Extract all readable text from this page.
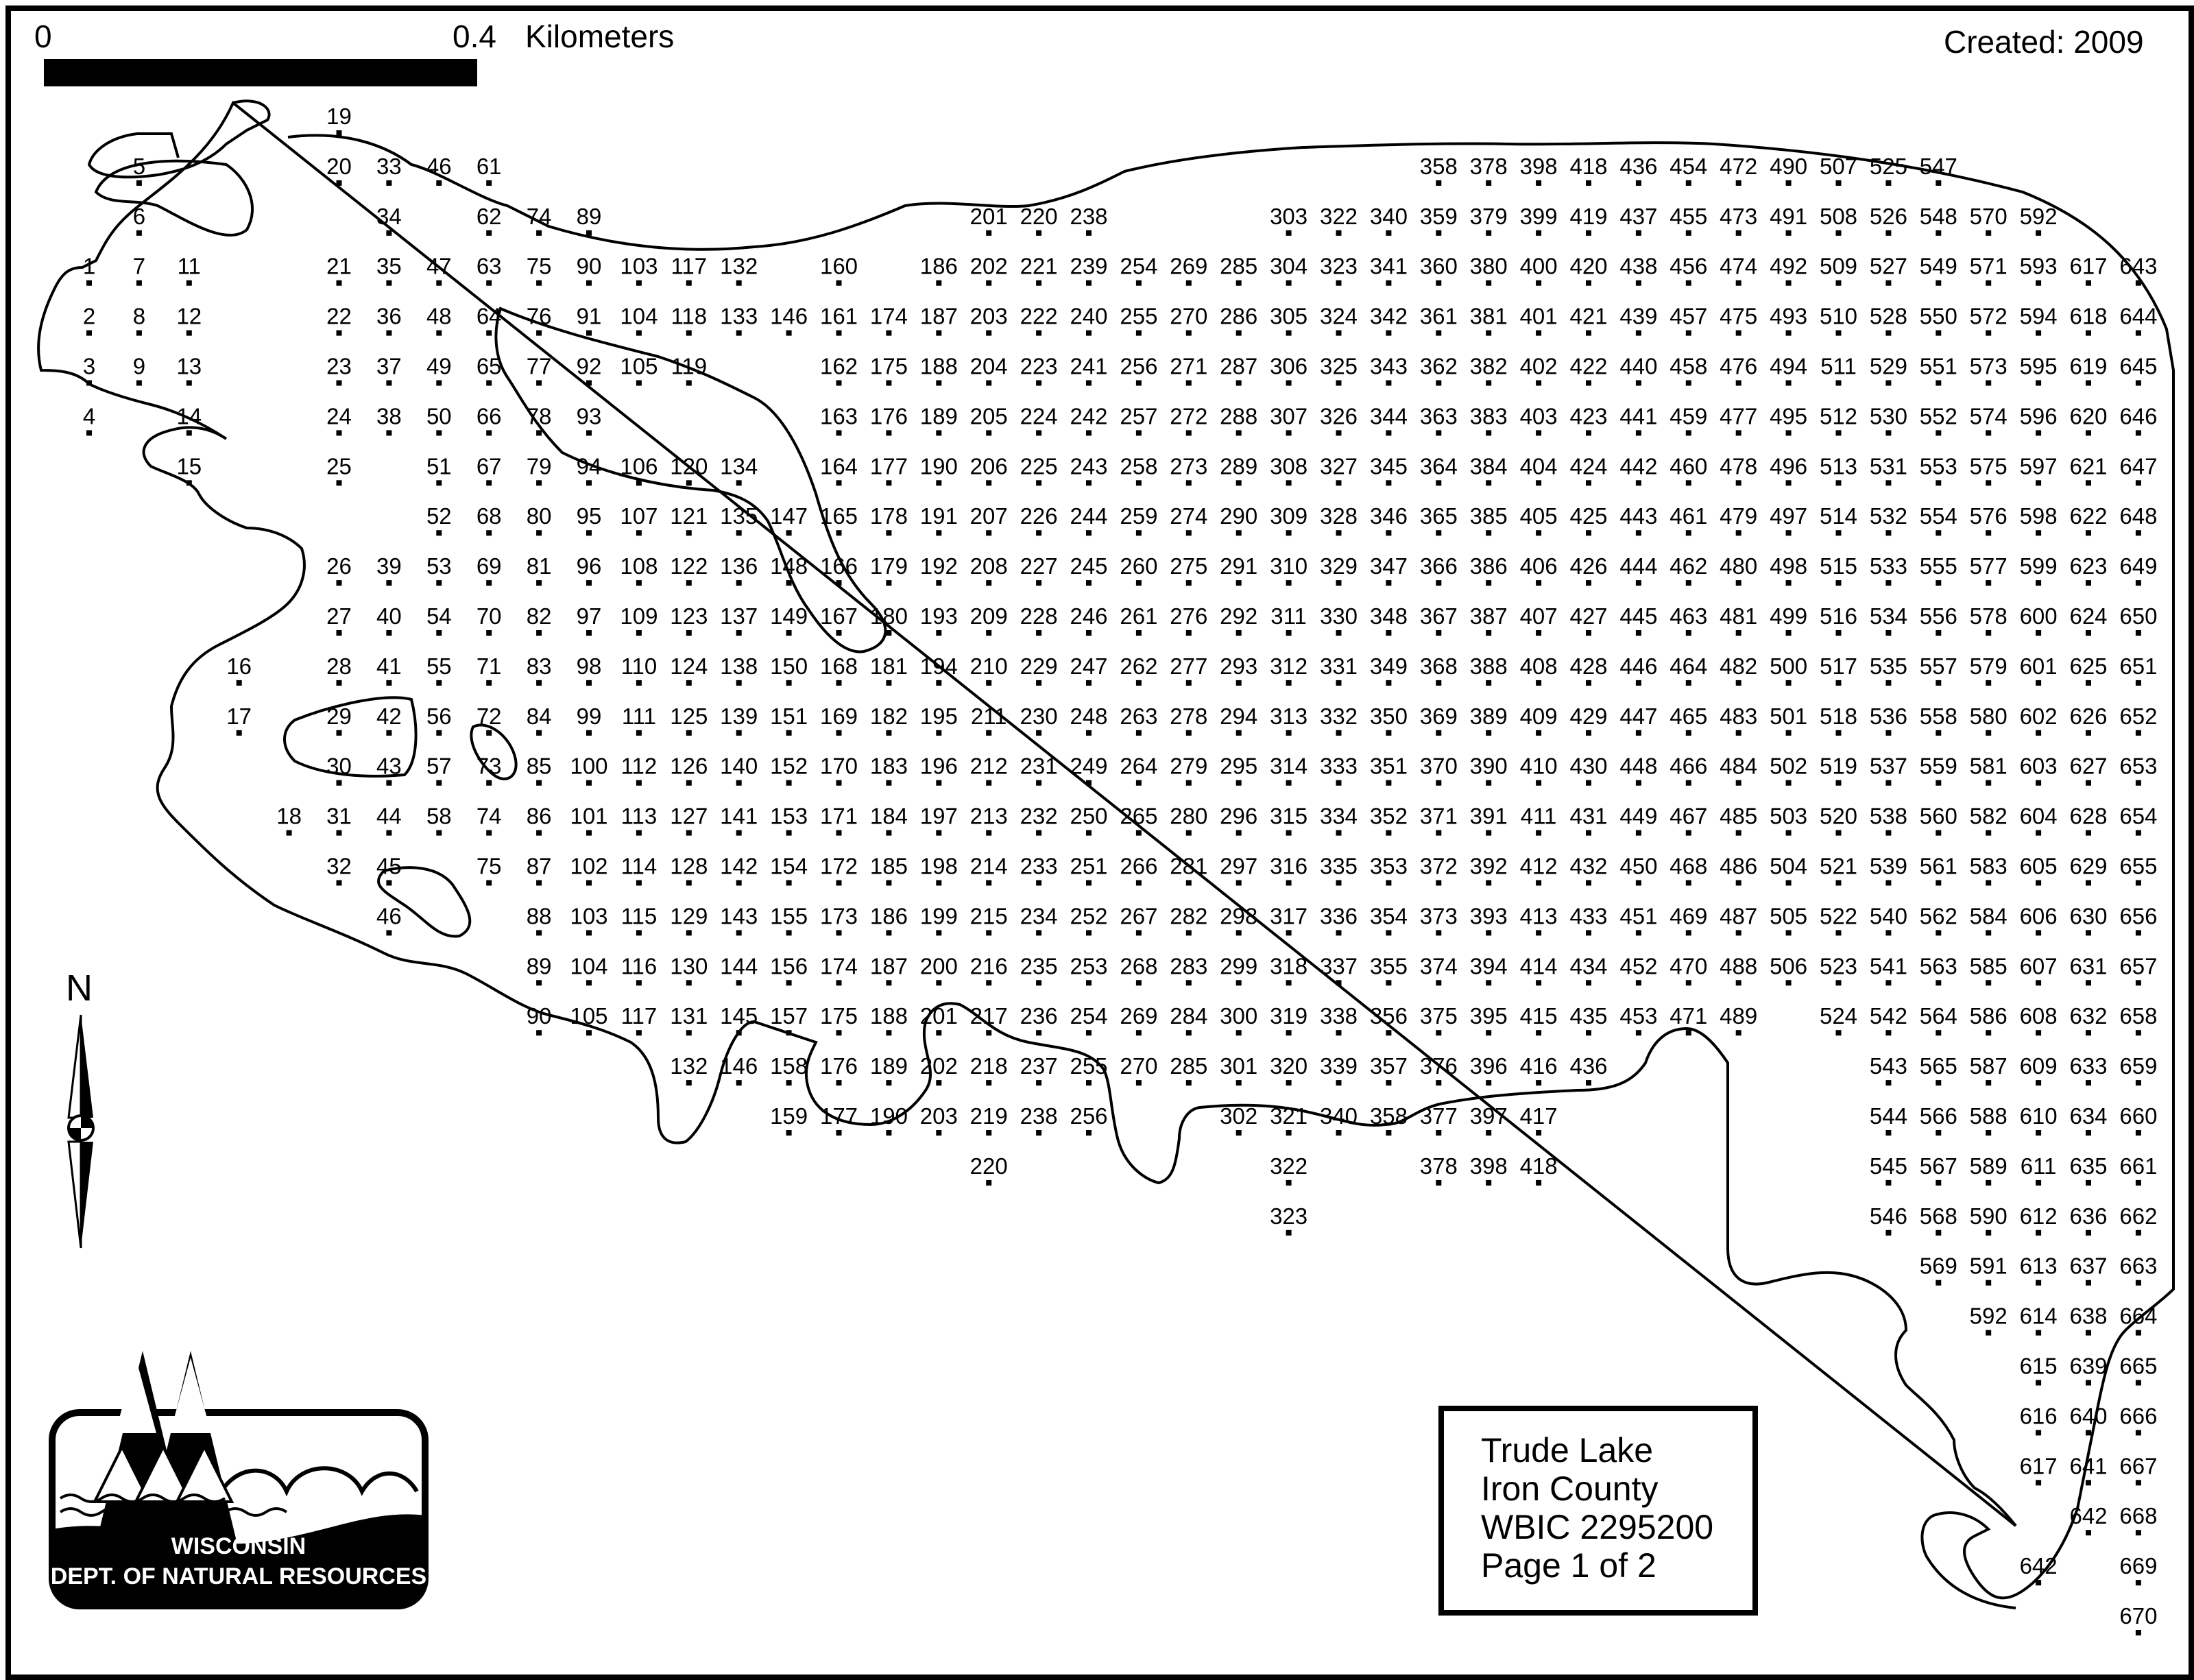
1
2
3
4
5
6
7
8
9
11
12
13
14
15
16
17
18
19
20
21
22
23
24
25
26
27
28
29
30
31
32
33
34
35
36
37
38
39
40
41
42
43
44
45
46
46
47
48
49
50
51
52
53
54
55
56
57
58
61
62
63
64
65
66
67
68
69
70
71
72
73
74
75
74
75
76
77
78
79
80
81
82
83
84
85
86
87
88
89
90
89
90
91
92
93
94
95
96
97
98
99
100
101
102
103
104
105
103
104
105
106
107
108
109
110
111
112
113
114
115
116
117
117
118
119
120
121
122
123
124
125
126
127
128
129
130
131
132
132
133
134
135
136
137
138
139
140
141
142
143
144
145
146
146
147
148
149
150
151
152
153
154
155
156
157
158
159
160
161
162
163
164
165
166
167
168
169
170
171
172
173
174
175
176
177
174
175
176
177
178
179
180
181
182
183
184
185
186
187
188
189
190
186
187
188
189
190
191
192
193
194
195
196
197
198
199
200
201
202
203
201
202
203
204
205
206
207
208
209
210
211
212
213
214
215
216
217
218
219
220
220
221
222
223
224
225
226
227
228
229
230
231
232
233
234
235
236
237
238
238
239
240
241
242
243
244
245
246
247
248
249
250
251
252
253
254
255
256
254
255
256
257
258
259
260
261
262
263
264
265
266
267
268
269
270
269
270
271
272
273
274
275
276
277
278
279
280
281
282
283
284
285
285
286
287
288
289
290
291
292
293
294
295
296
297
298
299
300
301
302
303
304
305
306
307
308
309
310
311
312
313
314
315
316
317
318
319
320
321
322
323
322
323
324
325
326
327
328
329
330
331
332
333
334
335
336
337
338
339
340
340
341
342
343
344
345
346
347
348
349
350
351
352
353
354
355
356
357
358
358
359
360
361
362
363
364
365
366
367
368
369
370
371
372
373
374
375
376
377
378
378
379
380
381
382
383
384
385
386
387
388
389
390
391
392
393
394
395
396
397
398
398
399
400
401
402
403
404
405
406
407
408
409
410
411
412
413
414
415
416
417
418
418
419
420
421
422
423
424
425
426
427
428
429
430
431
432
433
434
435
436
436
437
438
439
440
441
442
443
444
445
446
447
448
449
450
451
452
453
454
455
456
457
458
459
460
461
462
463
464
465
466
467
468
469
470
471
472
473
474
475
476
477
478
479
480
481
482
483
484
485
486
487
488
489
490
491
492
493
494
495
496
497
498
499
500
501
502
503
504
505
506
507
508
509
510
511
512
513
514
515
516
517
518
519
520
521
522
523
524
525
526
527
528
529
530
531
532
533
534
535
536
537
538
539
540
541
542
543
544
545
546
547
548
549
550
551
552
553
554
555
556
557
558
559
560
561
562
563
564
565
566
567
568
569
570
571
572
573
574
575
576
577
578
579
580
581
582
583
584
585
586
587
588
589
590
591
592
592
593
594
595
596
597
598
599
600
601
602
603
604
605
606
607
608
609
610
611
612
613
614
615
616
617
617
618
619
620
621
622
623
624
625
626
627
628
629
630
631
632
633
634
635
636
637
638
639
640
641
642
643
644
645
646
647
648
649
650
651
652
653
654
655
656
657
658
659
660
661
662
663
664
665
666
667
668
669
670
642
0	0.4 Kilometers	Created: 2009
N
Trude Lake
Iron County
WBIC 2295200
Page 1 of 2
WISCONSIN
DEPT. OF NATURAL RESOURCES
